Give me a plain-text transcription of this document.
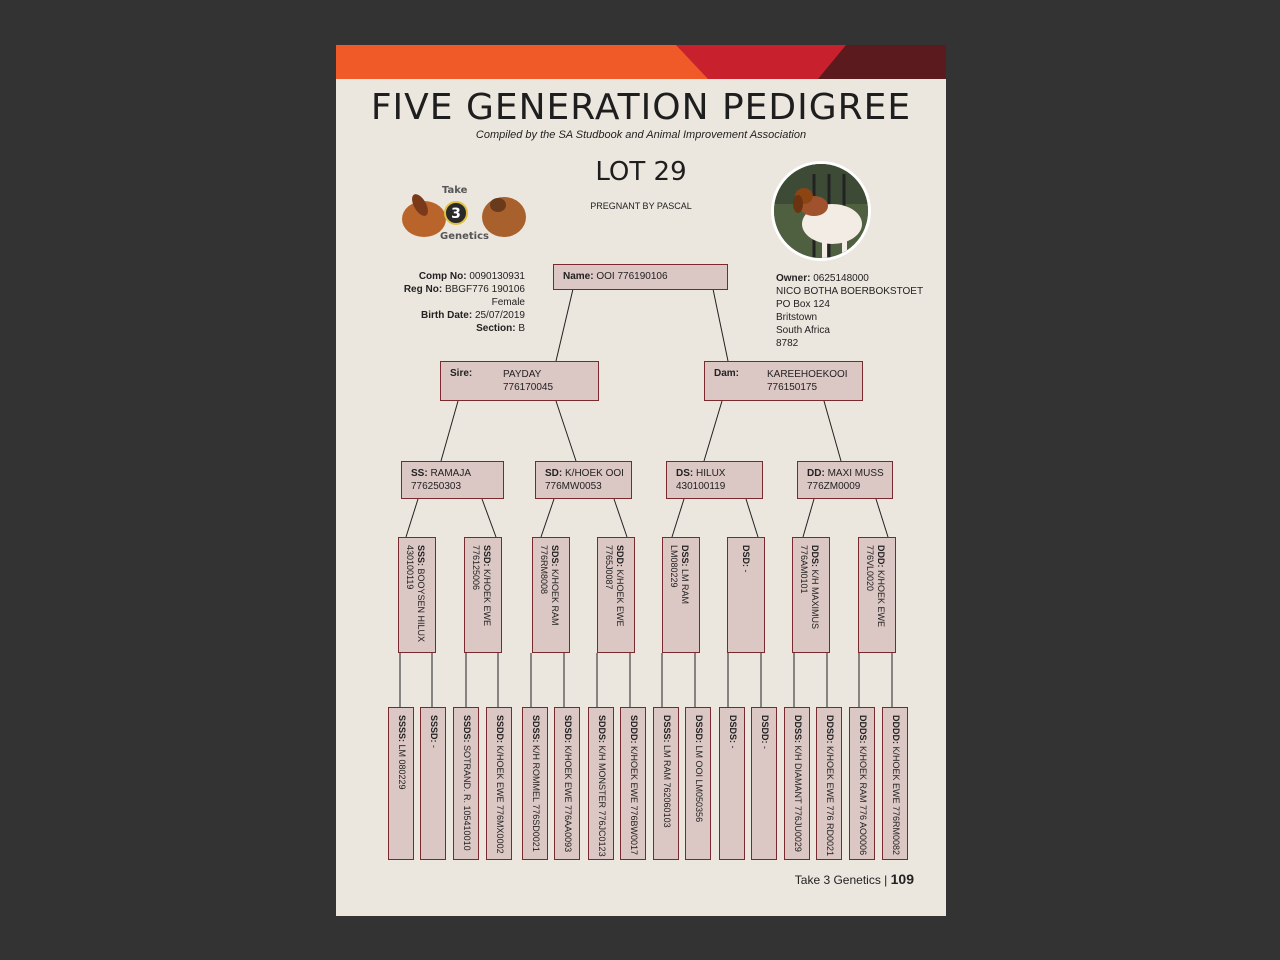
FIVE GENERATION PEDIGREE
Compiled by the SA Studbook and Animal Improvement Association
LOT 29
PREGNANT BY PASCAL
3
Take
Genetics
Comp No: 0090130931
Reg No: BBGF776 190106
Female
Birth Date: 25/07/2019
Section: B
Owner: 0625148000
NICO BOTHA BOERBOKSTOET
PO Box 124
Britstown
South Africa
8782
Name: OOI 776190106
Sire:	PAYDAY
776170045
Dam:	KAREEHOEKOOI
776150175
SS: RAMAJA
776250303
SD: K/HOEK OOI
776MW0053
DS: HILUX
430100119
DD: MAXI MUSS
776ZM0009
SSS: BOOYSEN HILUX
430100119	SSD: K/HOEK EWE
776125006	SDS: K/HOEK RAM
776RM8008	SDD: K/HOEK EWE
7765J0087	DSS: LM RAM
LM080229	DSD: -
DDS: K/H MAXIMUS
776AM0101	DDD: K/HOEK EWE
776VL0020
SSSS: LM 080229
SSSD: -
SSDS: SOTRAND. R. 105410010
SSDD: K/HOEK EWE 776MX0002
SDSS: K/H ROMMEL 776SD0021
SDSD: K/HOEK EWE 776AA0093
SDDS: K/H MONSTER 776JC0123
SDDD: K/HOEK EWE 776BW0017
DSSS: LM RAM 762060103
DSSD: LM OOI LM050356
DSDS: -
DSDD: -
DDSS: K/H DIAMANT 776JU0029
DDSD: K/HOEK EWE 776 RD0021
DDDS: K/HOEK RAM 776 AO0006
DDDD: K/HOEK EWE 776RM0082
Take 3 Genetics | 109
